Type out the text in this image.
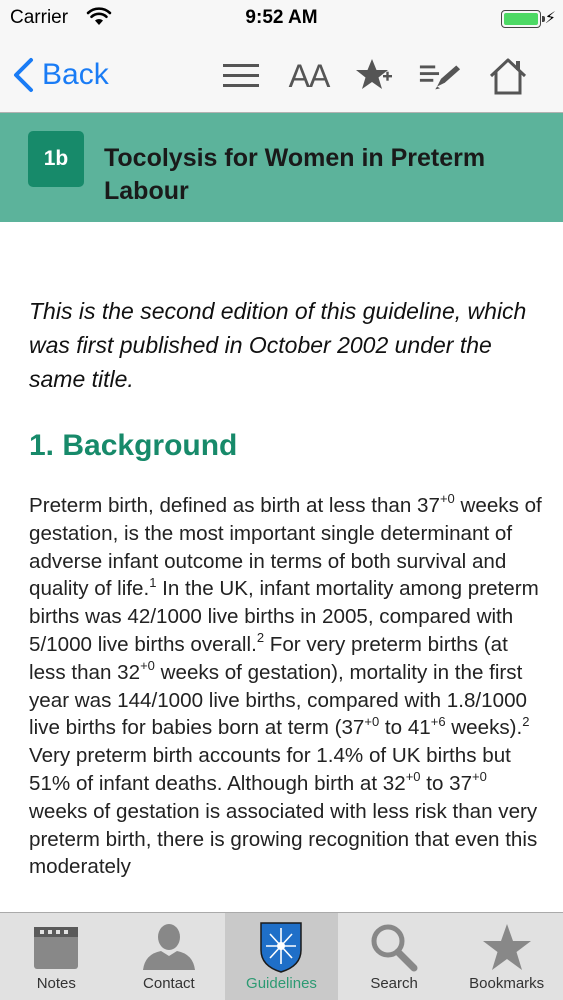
Carrier	9:52 AM	⚡
Back	AA
1b	Tocolysis for Women in Preterm Labour

This is the second edition of this guideline, which was first published in October 2002 under the same title.

1. Background

Preterm birth, defined as birth at less than $37^{+0}$ weeks of gestation, is the most important single determinant of adverse infant outcome in terms of both survival and quality of life.$^1$ In the UK, infant mortality among preterm births was 42/1000 live births in 2005, compared with 5/1000 live births overall.$^2$ For very preterm births (at less than $32^{+0}$ weeks of gestation), mortality in the first year was 144/1000 live births, compared with 1.8/1000 live births for babies born at term ($37^{+0}$ to $41^{+6}$ weeks).$^2$ Very preterm birth accounts for 1.4% of UK births but 51% of infant deaths. Although birth at $32^{+0}$ to $37^{+0}$ weeks of gestation is associated with less risk than very preterm birth, there is growing recognition that even this moderately

Notes	Contact	Guidelines	Search	Bookmarks
